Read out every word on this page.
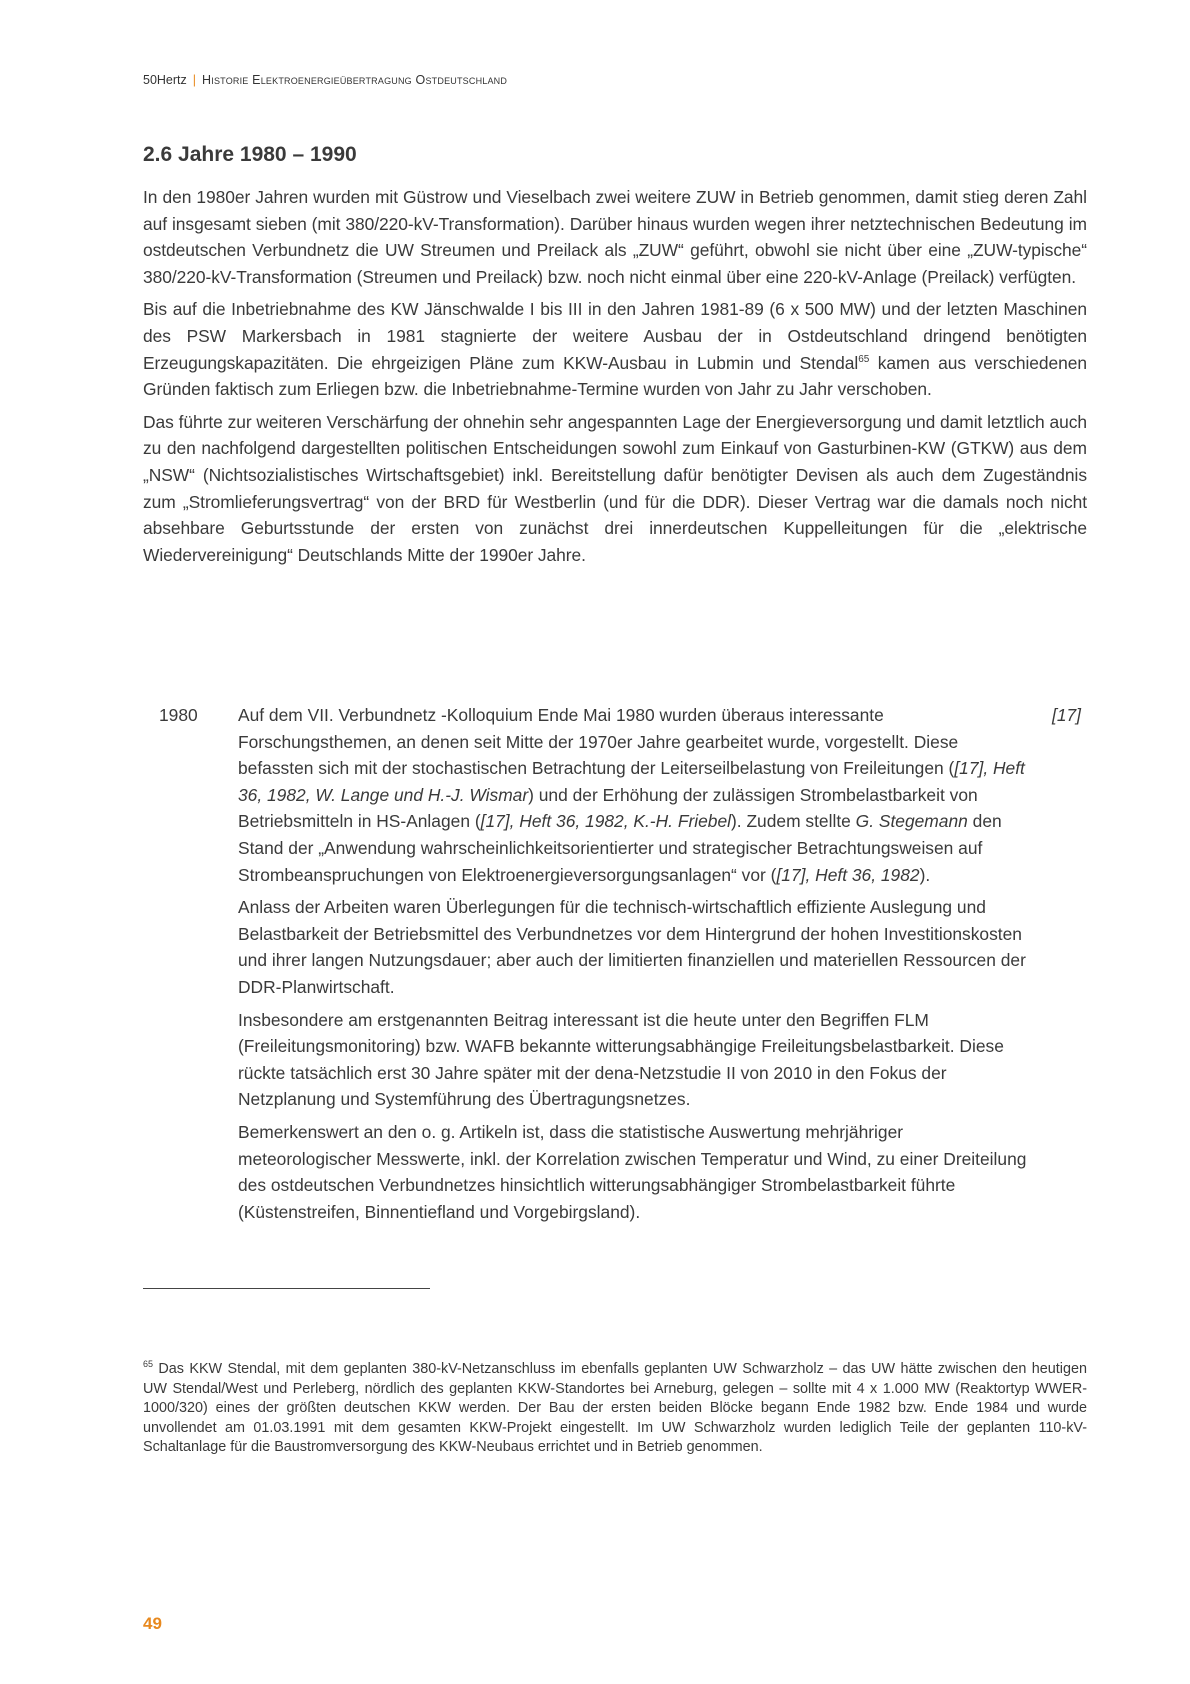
50Hertz | Historie Elektroenergieübertragung Ostdeutschland
2.6 Jahre 1980 – 1990

In den 1980er Jahren wurden mit Güstrow und Vieselbach zwei weitere ZUW in Betrieb genommen, damit stieg deren Zahl auf insgesamt sieben (mit 380/220-kV-Transformation). Darüber hinaus wurden wegen ihrer netztechnischen Bedeutung im ostdeutschen Verbundnetz die UW Streumen und Preilack als „ZUW“ geführt, obwohl sie nicht über eine „ZUW-typische“ 380/220-kV-Transformation (Streumen und Preilack) bzw. noch nicht einmal über eine 220-kV-Anlage (Preilack) verfügten.

Bis auf die Inbetriebnahme des KW Jänschwalde I bis III in den Jahren 1981-89 (6 x 500 MW) und der letzten Maschinen des PSW Markersbach in 1981 stagnierte der weitere Ausbau der in Ostdeutschland dringend benötigten Erzeugungskapazitäten. Die ehrgeizigen Pläne zum KKW-Ausbau in Lubmin und Stendal$^{65}$ kamen aus verschiedenen Gründen faktisch zum Erliegen bzw. die Inbetriebnahme-Termine wurden von Jahr zu Jahr verschoben.

Das führte zur weiteren Verschärfung der ohnehin sehr angespannten Lage der Energieversorgung und damit letztlich auch zu den nachfolgend dargestellten politischen Entscheidungen sowohl zum Einkauf von Gasturbinen-KW (GTKW) aus dem „NSW“ (Nichtsozialistisches Wirtschaftsgebiet) inkl. Bereitstellung dafür benötigter Devisen als auch dem Zugeständnis zum „Stromlieferungsvertrag“ von der BRD für Westberlin (und für die DDR). Dieser Vertrag war die damals noch nicht absehbare Geburtsstunde der ersten von zunächst drei innerdeutschen Kuppelleitungen für die „elektrische Wiedervereinigung“ Deutschlands Mitte der 1990er Jahre.

1980	[17]

Auf dem VII. Verbundnetz -Kolloquium Ende Mai 1980 wurden überaus interessante Forschungsthemen, an denen seit Mitte der 1970er Jahre gearbeitet wurde, vorgestellt. Diese befassten sich mit der stochastischen Betrachtung der Leiterseilbelastung von Freileitungen ([17], Heft 36, 1982, W. Lange und H.-J. Wismar) und der Erhöhung der zulässigen Strombelastbarkeit von Betriebsmitteln in HS-Anlagen ([17], Heft 36, 1982, K.-H. Friebel). Zudem stellte G. Stegemann den Stand der „Anwendung wahrscheinlichkeitsorientierter und strategischer Betrachtungsweisen auf Strombeanspruchungen von Elektroenergieversorgungsanlagen“ vor ([17], Heft 36, 1982).

Anlass der Arbeiten waren Überlegungen für die technisch-wirtschaftlich effiziente Auslegung und Belastbarkeit der Betriebsmittel des Verbundnetzes vor dem Hintergrund der hohen Investitionskosten und ihrer langen Nutzungsdauer; aber auch der limitierten finanziellen und materiellen Ressourcen der DDR-Planwirtschaft.

Insbesondere am erstgenannten Beitrag interessant ist die heute unter den Begriffen FLM (Freileitungsmonitoring) bzw. WAFB bekannte witterungsabhängige Freileitungsbelastbarkeit. Diese rückte tatsächlich erst 30 Jahre später mit der dena-Netzstudie II von 2010 in den Fokus der Netzplanung und Systemführung des Übertragungsnetzes.

Bemerkenswert an den o. g. Artikeln ist, dass die statistische Auswertung mehrjähriger meteorologischer Messwerte, inkl. der Korrelation zwischen Temperatur und Wind, zu einer Dreiteilung des ostdeutschen Verbundnetzes hinsichtlich witterungsabhängiger Strombelastbarkeit führte (Küstenstreifen, Binnentiefland und Vorgebirgsland).

$^{65}$ Das KKW Stendal, mit dem geplanten 380-kV-Netzanschluss im ebenfalls geplanten UW Schwarzholz – das UW hätte zwischen den heutigen UW Stendal/West und Perleberg, nördlich des geplanten KKW-Standortes bei Arneburg, gelegen – sollte mit 4 x 1.000 MW (Reaktortyp WWER-1000/320) eines der größten deutschen KKW werden. Der Bau der ersten beiden Blöcke begann Ende 1982 bzw. Ende 1984 und wurde unvollendet am 01.03.1991 mit dem gesamten KKW-Projekt eingestellt. Im UW Schwarzholz wurden lediglich Teile der geplanten 110-kV-Schaltanlage für die Baustromversorgung des KKW-Neubaus errichtet und in Betrieb genommen.
49
